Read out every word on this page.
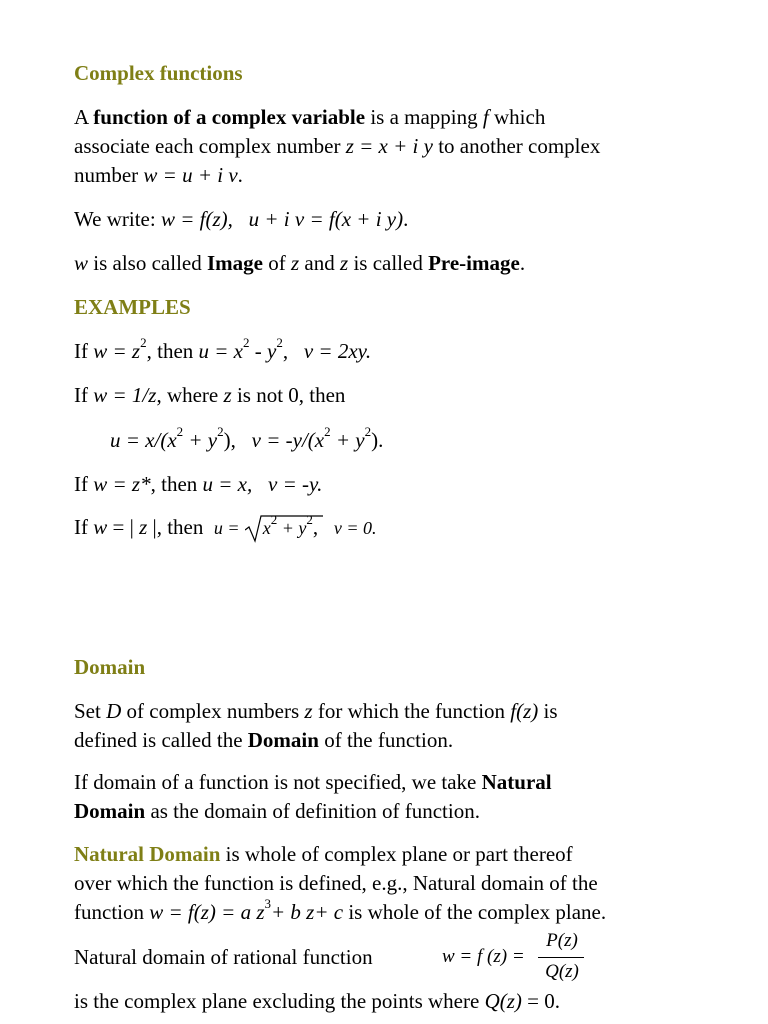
Complex functions

A function of a complex variable is a mapping f which

associate each complex number z = x + i y to another complex

number w = u + i v.

We write: w = f(z), u + i v = f(x + i y).

w is also called Image of z and z is called Pre-image.

EXAMPLES

If $w = z^2$, then $u = x^2 - y^2$, v = 2xy.

If w = 1/z, where z is not 0, then

$u = x/(x^2 + y^2)$, $v = -y/(x^2 + y^2)$.

If w = z*, then u = x, v = -y.

If w = | z |, then $u = x^2 + y^2$, v = 0.

Domain

Set D of complex numbers z for which the function f(z) is

defined is called the Domain of the function.

If domain of a function is not specified, we take Natural

Domain as the domain of definition of function.

Natural Domain is whole of complex plane or part thereof

over which the function is defined, e.g., Natural domain of the

function w = f(z) = a $z^3+ b$ z+ c is whole of the complex plane.

Natural domain of rational function	w = f (z) =
P(z)
Q(z)

is the complex plane excluding the points where Q(z) = 0.
